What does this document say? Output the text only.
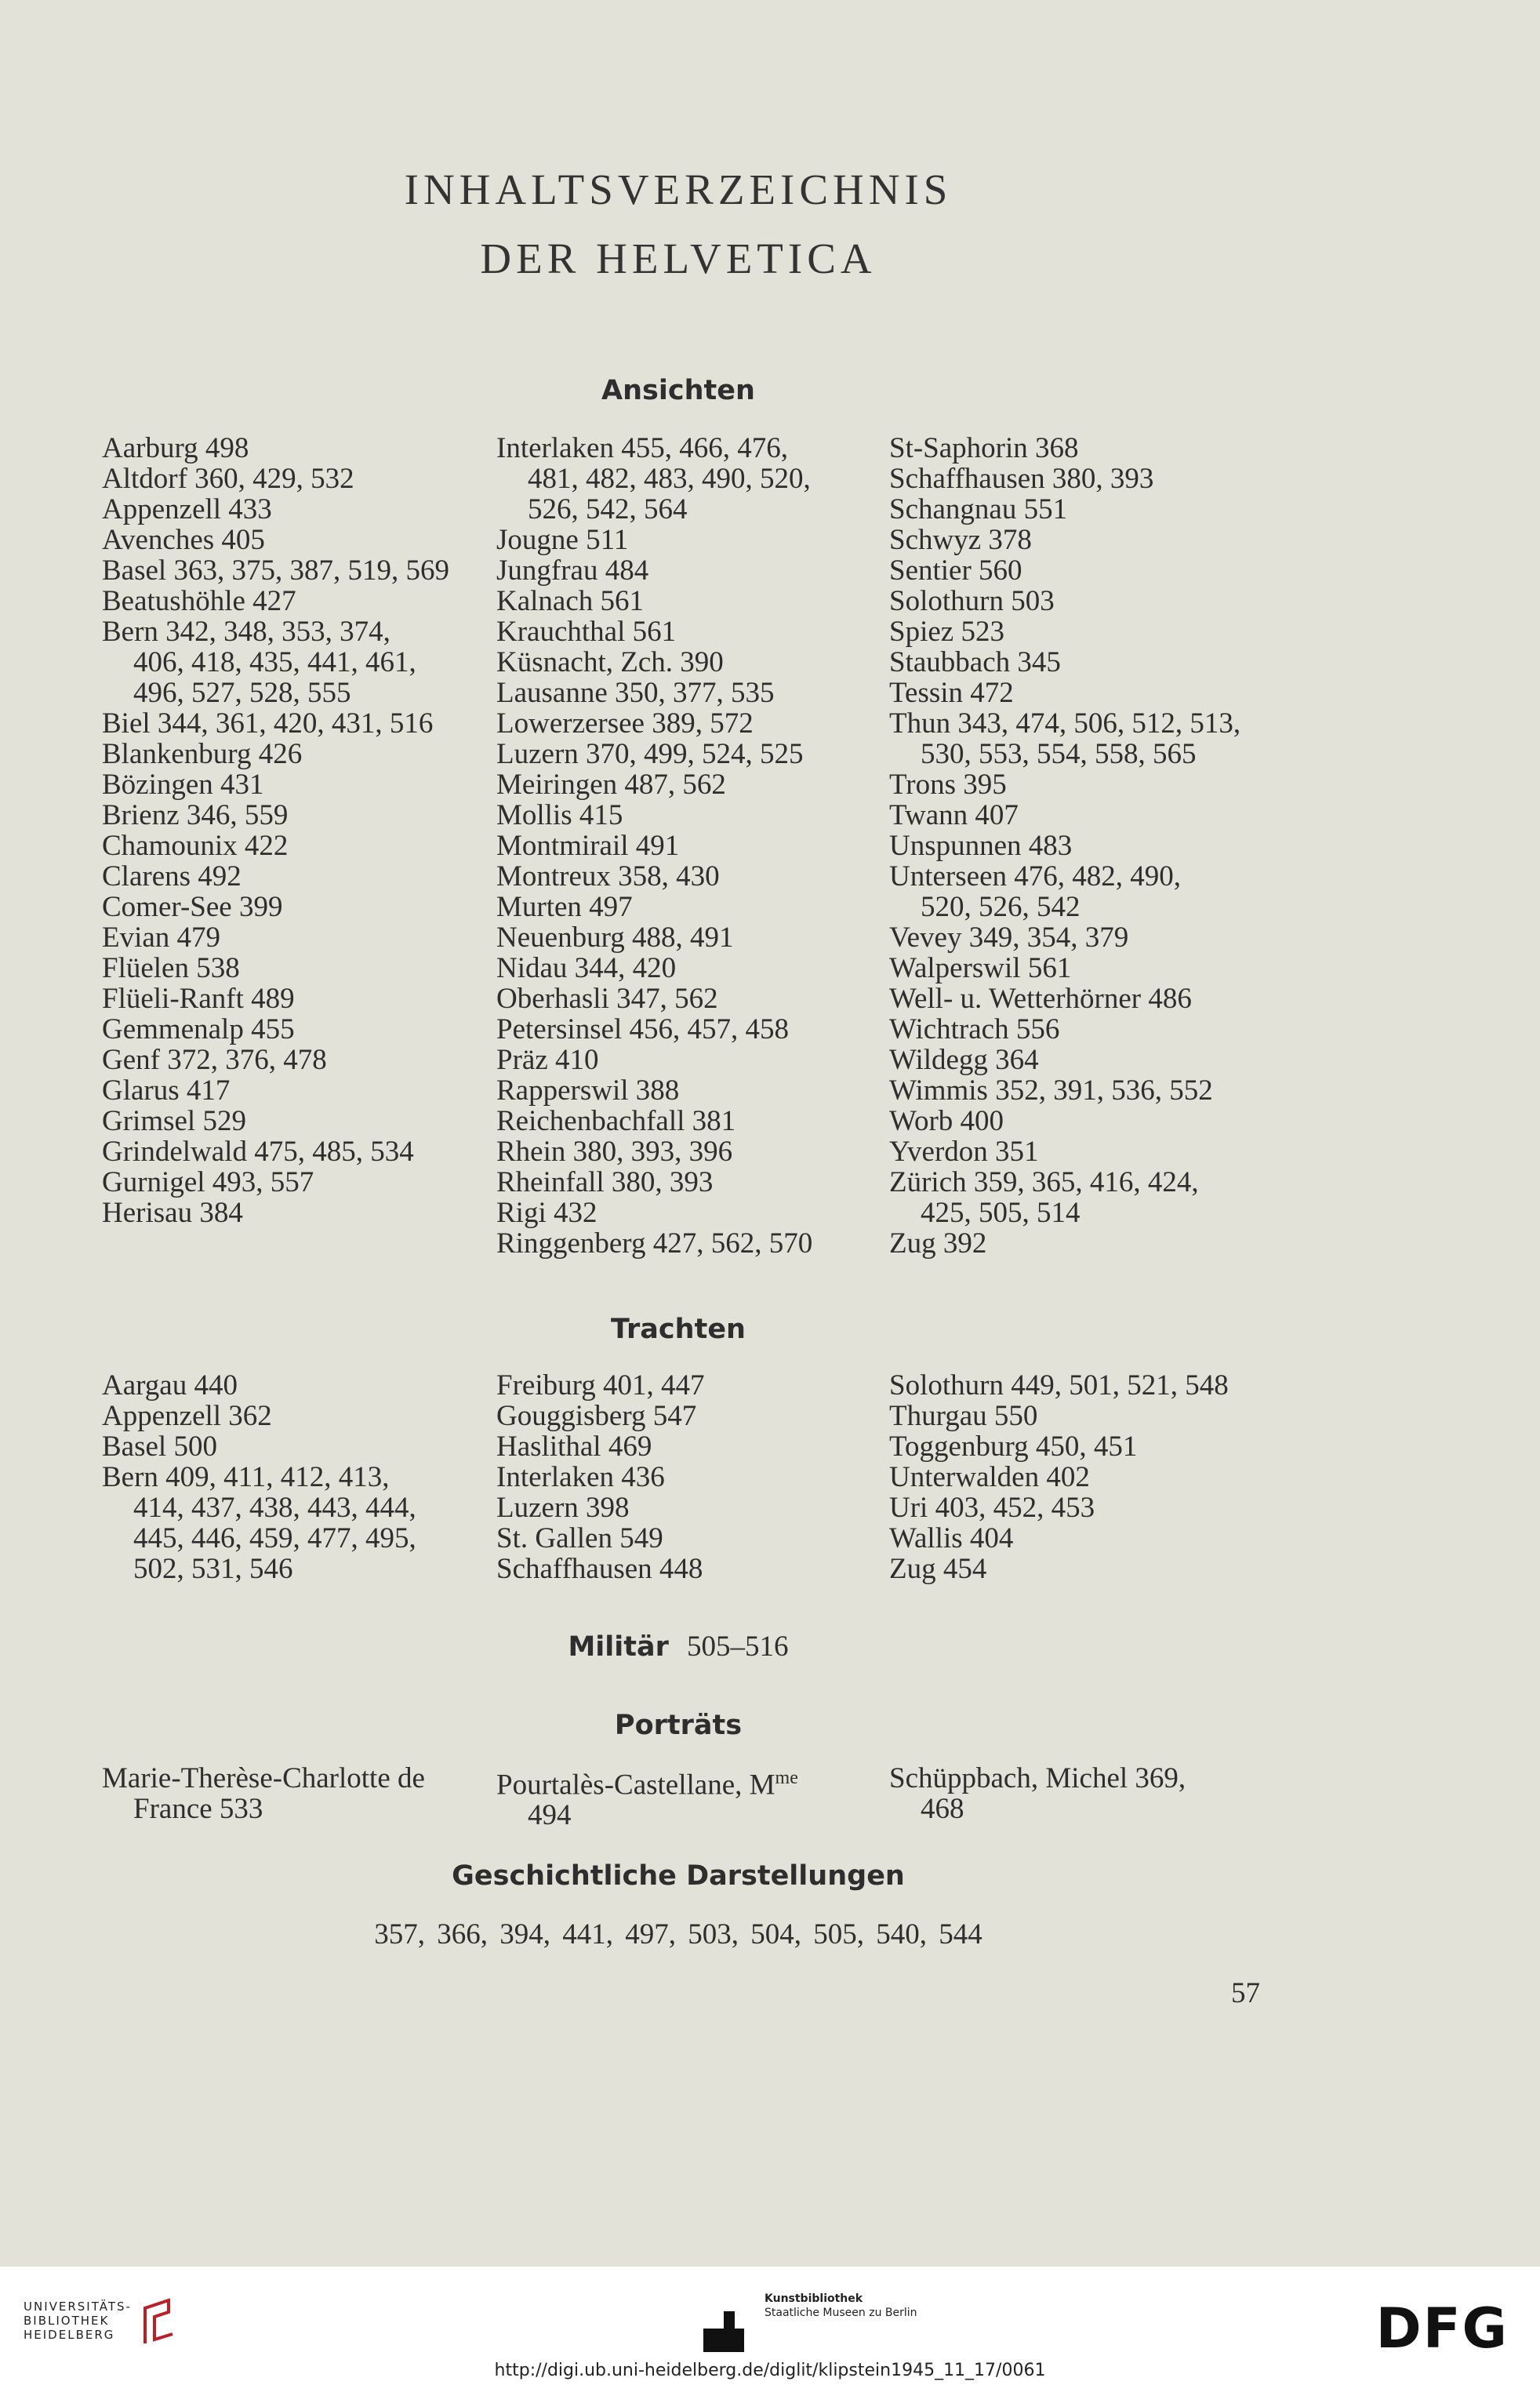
INHALTSVERZEICHNIS
DER HELVETICA
Ansichten
Aarburg 498
Altdorf 360, 429, 532
Appenzell 433
Avenches 405
Basel 363, 375, 387, 519, 569
Beatushöhle 427
Bern 342, 348, 353, 374,
406, 418, 435, 441, 461,
496, 527, 528, 555
Biel 344, 361, 420, 431, 516
Blankenburg 426
Bözingen 431
Brienz 346, 559
Chamounix 422
Clarens 492
Comer-See 399
Evian 479
Flüelen 538
Flüeli-Ranft 489
Gemmenalp 455
Genf 372, 376, 478
Glarus 417
Grimsel 529
Grindelwald 475, 485, 534
Gurnigel 493, 557
Herisau 384
Interlaken 455, 466, 476,
481, 482, 483, 490, 520,
526, 542, 564
Jougne 511
Jungfrau 484
Kalnach 561
Krauchthal 561
Küsnacht, Zch. 390
Lausanne 350, 377, 535
Lowerzersee 389, 572
Luzern 370, 499, 524, 525
Meiringen 487, 562
Mollis 415
Montmirail 491
Montreux 358, 430
Murten 497
Neuenburg 488, 491
Nidau 344, 420
Oberhasli 347, 562
Petersinsel 456, 457, 458
Präz 410
Rapperswil 388
Reichenbachfall 381
Rhein 380, 393, 396
Rheinfall 380, 393
Rigi 432
Ringgenberg 427, 562, 570
St-Saphorin 368
Schaffhausen 380, 393
Schangnau 551
Schwyz 378
Sentier 560
Solothurn 503
Spiez 523
Staubbach 345
Tessin 472
Thun 343, 474, 506, 512, 513,
530, 553, 554, 558, 565
Trons 395
Twann 407
Unspunnen 483
Unterseen 476, 482, 490,
520, 526, 542
Vevey 349, 354, 379
Walperswil 561
Well- u. Wetterhörner 486
Wichtrach 556
Wildegg 364
Wimmis 352, 391, 536, 552
Worb 400
Yverdon 351
Zürich 359, 365, 416, 424,
425, 505, 514
Zug 392
Trachten
Aargau 440
Appenzell 362
Basel 500
Bern 409, 411, 412, 413,
414, 437, 438, 443, 444,
445, 446, 459, 477, 495,
502, 531, 546
Freiburg 401, 447
Gouggisberg 547
Haslithal 469
Interlaken 436
Luzern 398
St. Gallen 549
Schaffhausen 448
Solothurn 449, 501, 521, 548
Thurgau 550
Toggenburg 450, 451
Unterwalden 402
Uri 403, 452, 453
Wallis 404
Zug 454
Militär 505–516
Porträts
Marie-Therèse-Charlotte de
France 533
Pourtalès-Castellane, $M^{me}$
494
Schüppbach, Michel 369,
468
Geschichtliche Darstellungen
357, 366, 394, 441, 497, 503, 504, 505, 540, 544
57
UNIVERSITÄTS-
BIBLIOTHEK
HEIDELBERG
Kunstbibliothek
Staatliche Museen zu Berlin	DFG
http://digi.ub.uni-heidelberg.de/diglit/klipstein1945_11_17/0061
